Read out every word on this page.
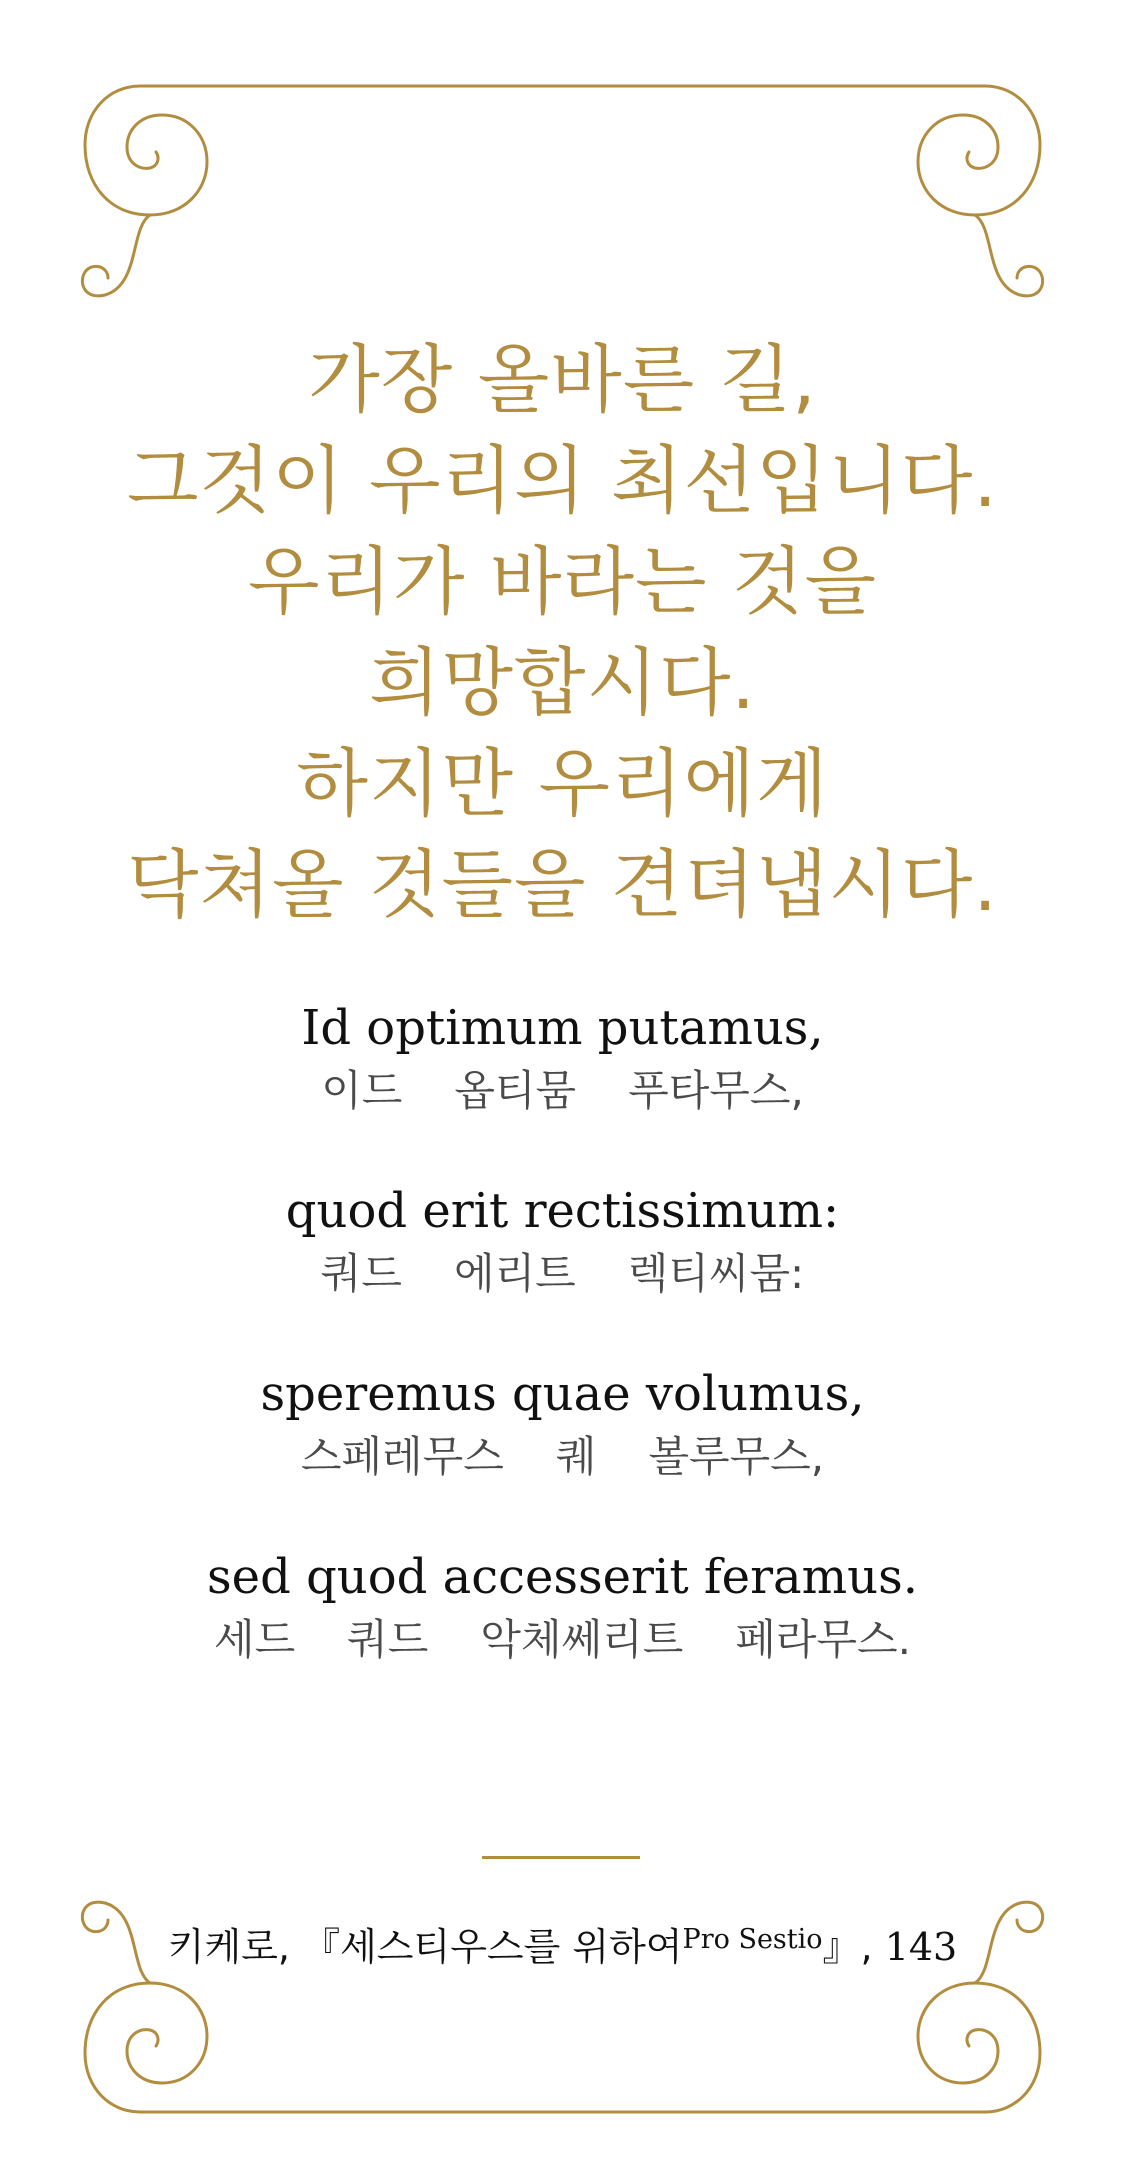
가장 올바른 길,
그것이 우리의 최선입니다.
우리가 바라는 것을
희망합시다.
하지만 우리에게
닥쳐올 것들을 견뎌냅시다.
Id optimum putamus,
이드   옵티뭄   푸타무스,
quod erit rectissimum:
쿼드   에리트   렉티씨뭄:
speremus quae volumus,
스페레무스   퀘   볼루무스,
sed quod accesserit feramus.
세드   쿼드   악체쎄리트   페라무스.
키케로, 『세스티우스를 위하여$^{Pro Sestio}$』, 143
